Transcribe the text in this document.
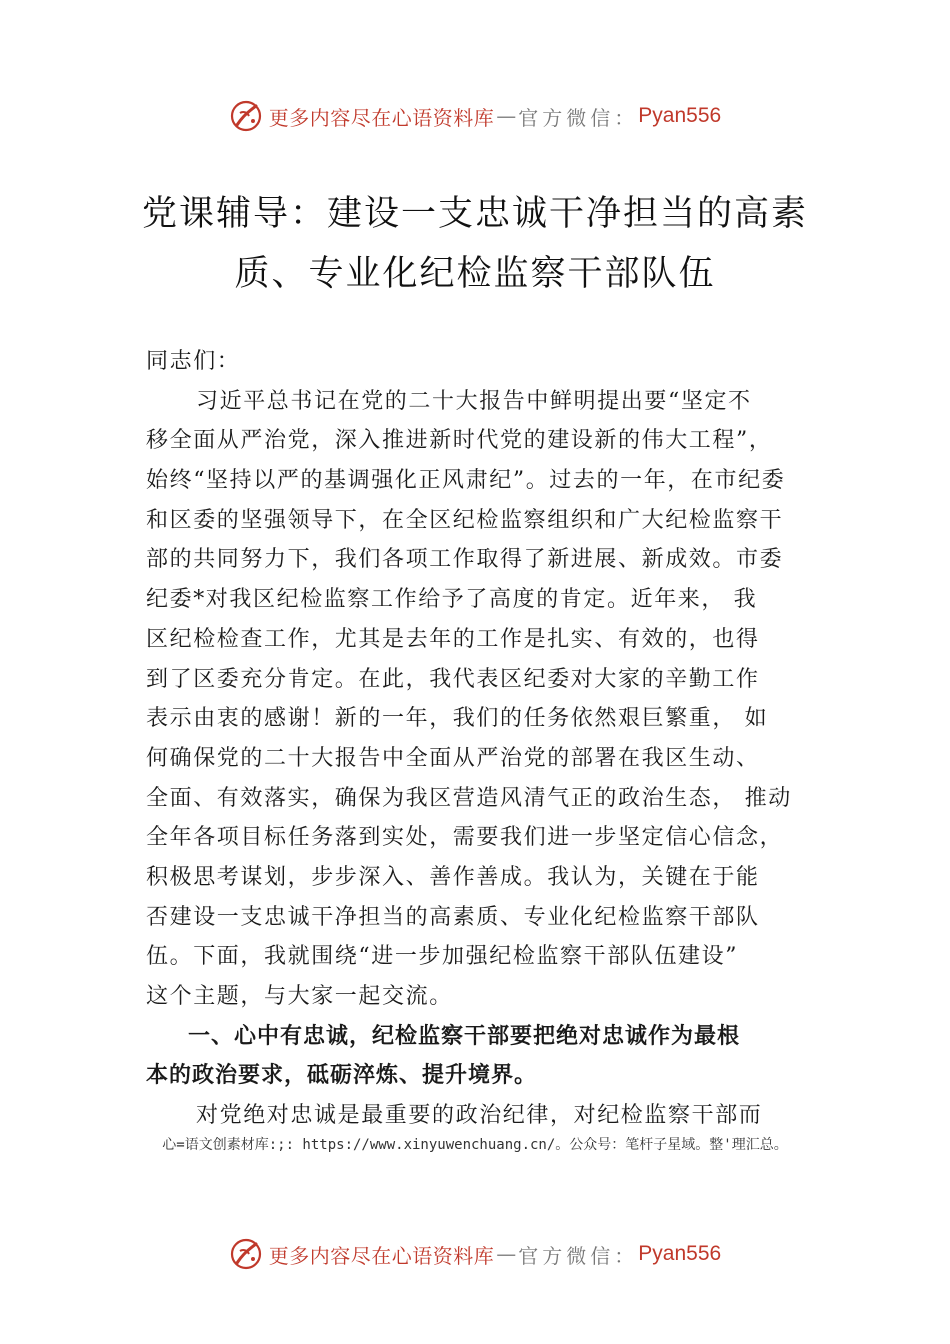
更多内容尽在心语资料库 — 官方微信： Pyan556
党课辅导：建设一支忠诚干净担当的高素
质、专业化纪检监察干部队伍
同志们：
习近平总书记在党的二十大报告中鲜明提出要“坚定不
移全面从严治党，深入推进新时代党的建设新的伟大工程”，
始终“坚持以严的基调强化正风肃纪”。过去的一年，在市纪委
和区委的坚强领导下，在全区纪检监察组织和广大纪检监察干
部的共同努力下，我们各项工作取得了新进展、新成效。市委
纪委*对我区纪检监察工作给予了高度的肯定。近年来， 我
区纪检检查工作，尤其是去年的工作是扎实、有效的，也得
到了区委充分肯定。在此，我代表区纪委对大家的辛勤工作
表示由衷的感谢！新的一年，我们的任务依然艰巨繁重， 如
何确保党的二十大报告中全面从严治党的部署在我区生动、
全面、有效落实，确保为我区营造风清气正的政治生态， 推动
全年各项目标任务落到实处，需要我们进一步坚定信心信念，
积极思考谋划，步步深入、善作善成。我认为，关键在于能
否建设一支忠诚干净担当的高素质、专业化纪检监察干部队
伍。下面，我就围绕“进一步加强纪检监察干部队伍建设”
这个主题，与大家一起交流。
一、心中有忠诚，纪检监察干部要把绝对忠诚作为最根
本的政治要求，砥砺淬炼、提升境界。
对党绝对忠诚是最重要的政治纪律，对纪检监察干部而
心=语文创素材库:;: https://www.xinyuwenchuang.cn/。公众号：笔杆子星域。整'理汇总。
更多内容尽在心语资料库 — 官方微信： Pyan556
